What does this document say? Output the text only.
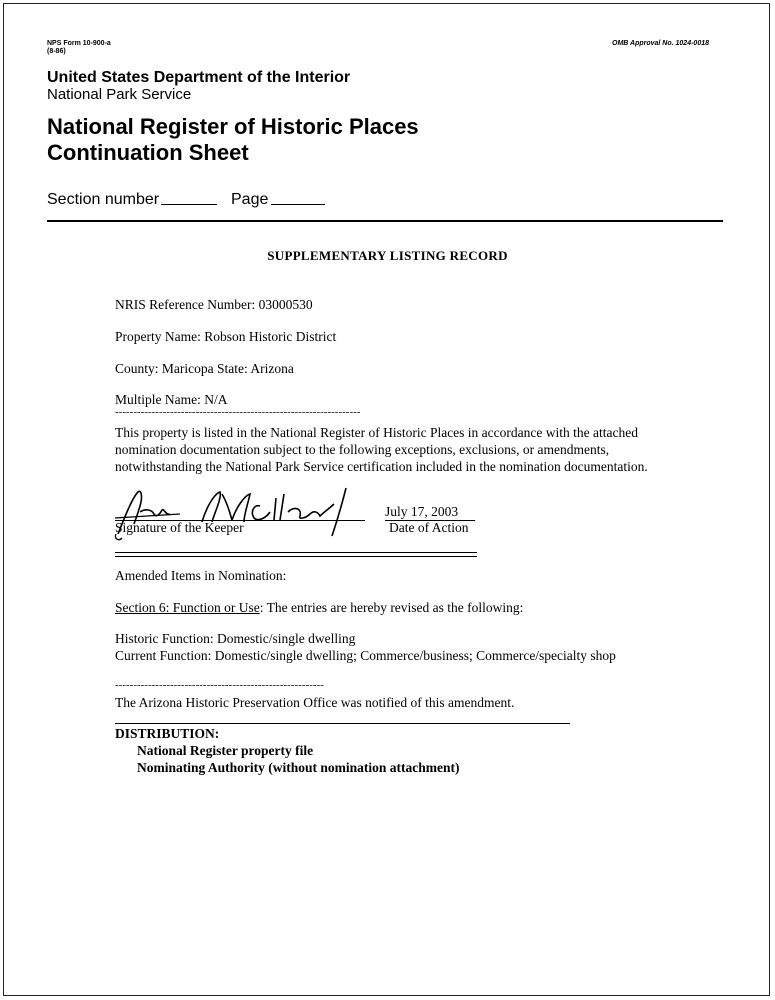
NPS Form 10-900-a
(8-86)
OMB Approval No. 1024-0018
United States Department of the Interior
National Park Service
National Register of Historic Places
Continuation Sheet
Section number	Page
SUPPLEMENTARY LISTING RECORD
NRIS Reference Number: 03000530
Property Name: Robson Historic District
County: Maricopa State: Arizona
Multiple Name: N/A
-------------------------------------------------------------------
This property is listed in the National Register of Historic Places in accordance with the attached nomination documentation subject to the following exceptions, exclusions, or amendments, notwithstanding the National Park Service certification included in the nomination documentation.
Signature of the Keeper
July 17, 2003
Date of Action
Amended Items in Nomination:
Section 6: Function or Use: The entries are hereby revised as the following:
Historic Function: Domestic/single dwelling
Current Function: Domestic/single dwelling; Commerce/business; Commerce/specialty shop
---------------------------------------------------------
The Arizona Historic Preservation Office was notified of this amendment.
DISTRIBUTION:
National Register property file
Nominating Authority (without nomination attachment)
